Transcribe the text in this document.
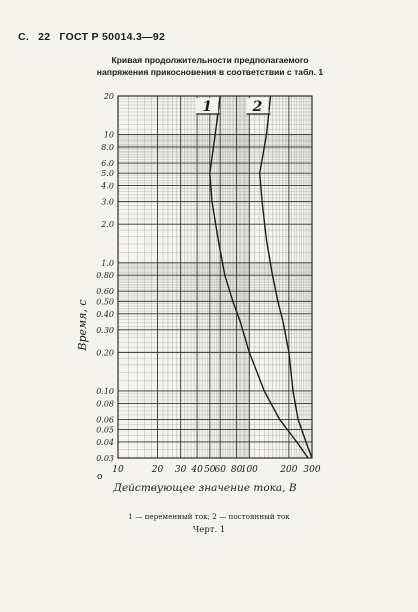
С. 22 ГОСТ Р 50014.3—92
Кривая продолжительности предполагаемого
напряжения прикосновения в соответствии с табл. 1
1	2
10	20 30 40 50
60 80
100 200 300
20
10
8.0
6.0
5.0
4.0
3.0
2.0
1.0
0.80
0.60
0.50
0.40
0.30
0.20
0.10
0.08
0.06
0.05
0.04
0.03
Время, с
Действующее значение тока, В
о
1 — переменный ток; 2 — постоянный ток
Черт. 1
